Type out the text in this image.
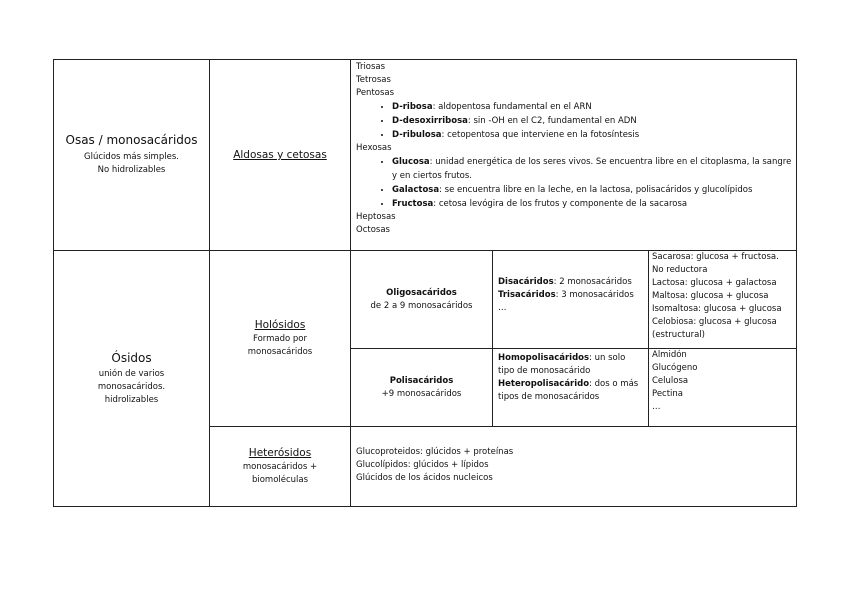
Osas / monosacáridos
Glúcidos más simples.
No hidrolizables
Aldosas y cetosas
Triosas
Tetrosas
Pentosas
• D-ribosa: aldopentosa fundamental en el ARN
• D-desoxirribosa: sin -OH en el C2, fundamental en ADN
• D-ribulosa: cetopentosa que interviene en la fotosíntesis
Hexosas
• Glucosa: unidad energética de los seres vivos. Se encuentra libre en el citoplasma, la sangre y en ciertos frutos.
• Galactosa: se encuentra libre en la leche, en la lactosa, polisacáridos y glucolípidos
• Fructosa: cetosa levógira de los frutos y componente de la sacarosa
Heptosas
Octosas
Ósidos
unión de varios
monosacáridos.
hidrolizables
Holósidos
Formado por
monosacáridos
Oligosacáridos
de 2 a 9 monosacáridos
Disacáridos: 2 monosacáridos
Trisacáridos: 3 monosacáridos
…
Sacarosa: glucosa + fructosa.
No reductora
Lactosa: glucosa + galactosa
Maltosa: glucosa + glucosa
Isomaltosa: glucosa + glucosa
Celobiosa: glucosa + glucosa
(estructural)
Polisacáridos
+9 monosacáridos
Homopolisacáridos: un solo
tipo de monosacárido
Heteropolisacárido: dos o más
tipos de monosacáridos
Almidón
Glucógeno
Celulosa
Pectina
…
Heterósidos
monosacáridos +
biomoléculas
Glucoproteidos: glúcidos + proteínas
Glucolípidos: glúcidos + lípidos
Glúcidos de los ácidos nucleicos
